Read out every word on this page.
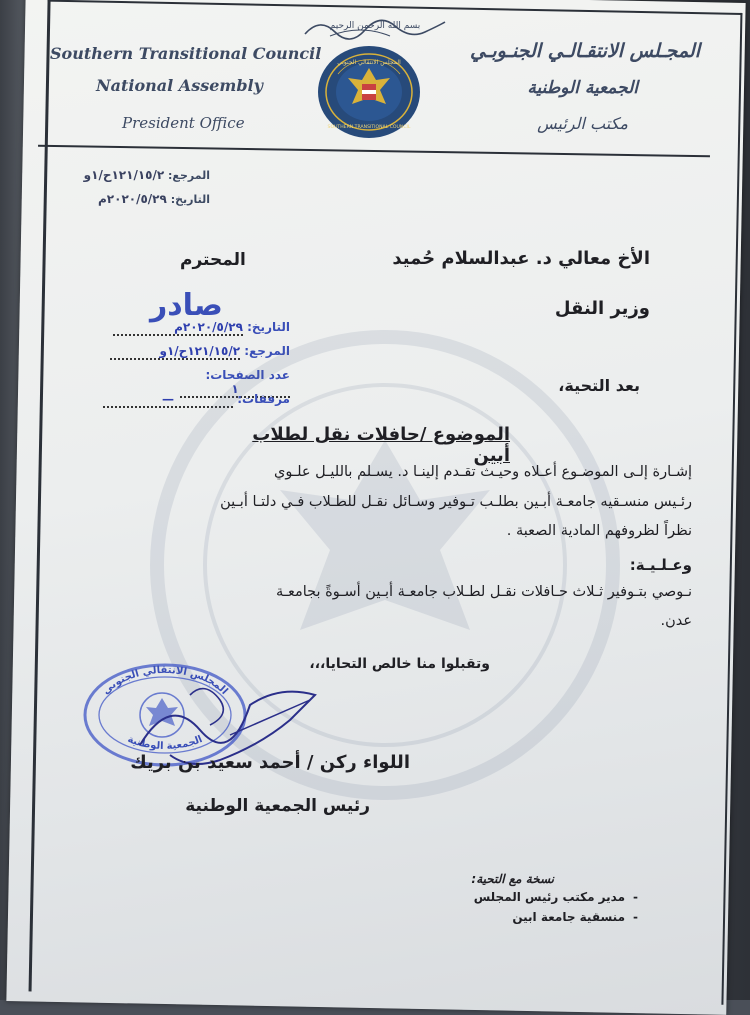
بسم الله الرحمن الرحيم
Southern Transitional Council
National Assembly
President Office
المجـلس الانتقـالـي الجنـوبـي
الجمعية الوطنية
مكتب الرئيس
المجلس الانتقالي الجنوبي
SOUTHERN TRANSITIONAL COUNCIL
المرجع: ١٢١/١٥/٢ح/١و
التاريخ: ٢٠٢٠/٥/٢٩م
الأخ معالي د. عبدالسلام حُميد
المحترم
وزير النقل
صادر
التاريخ: ٢٠٢٠/٥/٢٩م
المرجع: ١٢١/١٥/٢ح/١و
عدد الصفحات: ١
مرفقات: —
بعد التحية،
الموضوع /حافلات نقل لطلاب أبين
إشـارة إلـى الموضـوع أعـلاه وحيـث تقـدم إلينـا د. يسـلم بالليـل علـوي
رئـيس منسـقيه جامعـة أبـين بطلـب تـوفير وسـائل نقـل للطـلاب فـي دلتـا أبـين
نظراً لظروفهم المادية الصعبة .
وعـلـيـة:
نـوصي بتـوفير ثـلاث حـافلات نقـل لطـلاب جامعـة أبـين أسـوةً بجامعـة
عدن.
وتقبلوا منا خالص التحايا،،،
المجلس الانتقالي الجنوبي
الجمعية الوطنية
اللواء ركن / أحمد سعيد بن بريك
رئيس الجمعية الوطنية
نسخة مع التحية:
- مدير مكتب رئيس المجلس
- منسقية جامعة ابين
